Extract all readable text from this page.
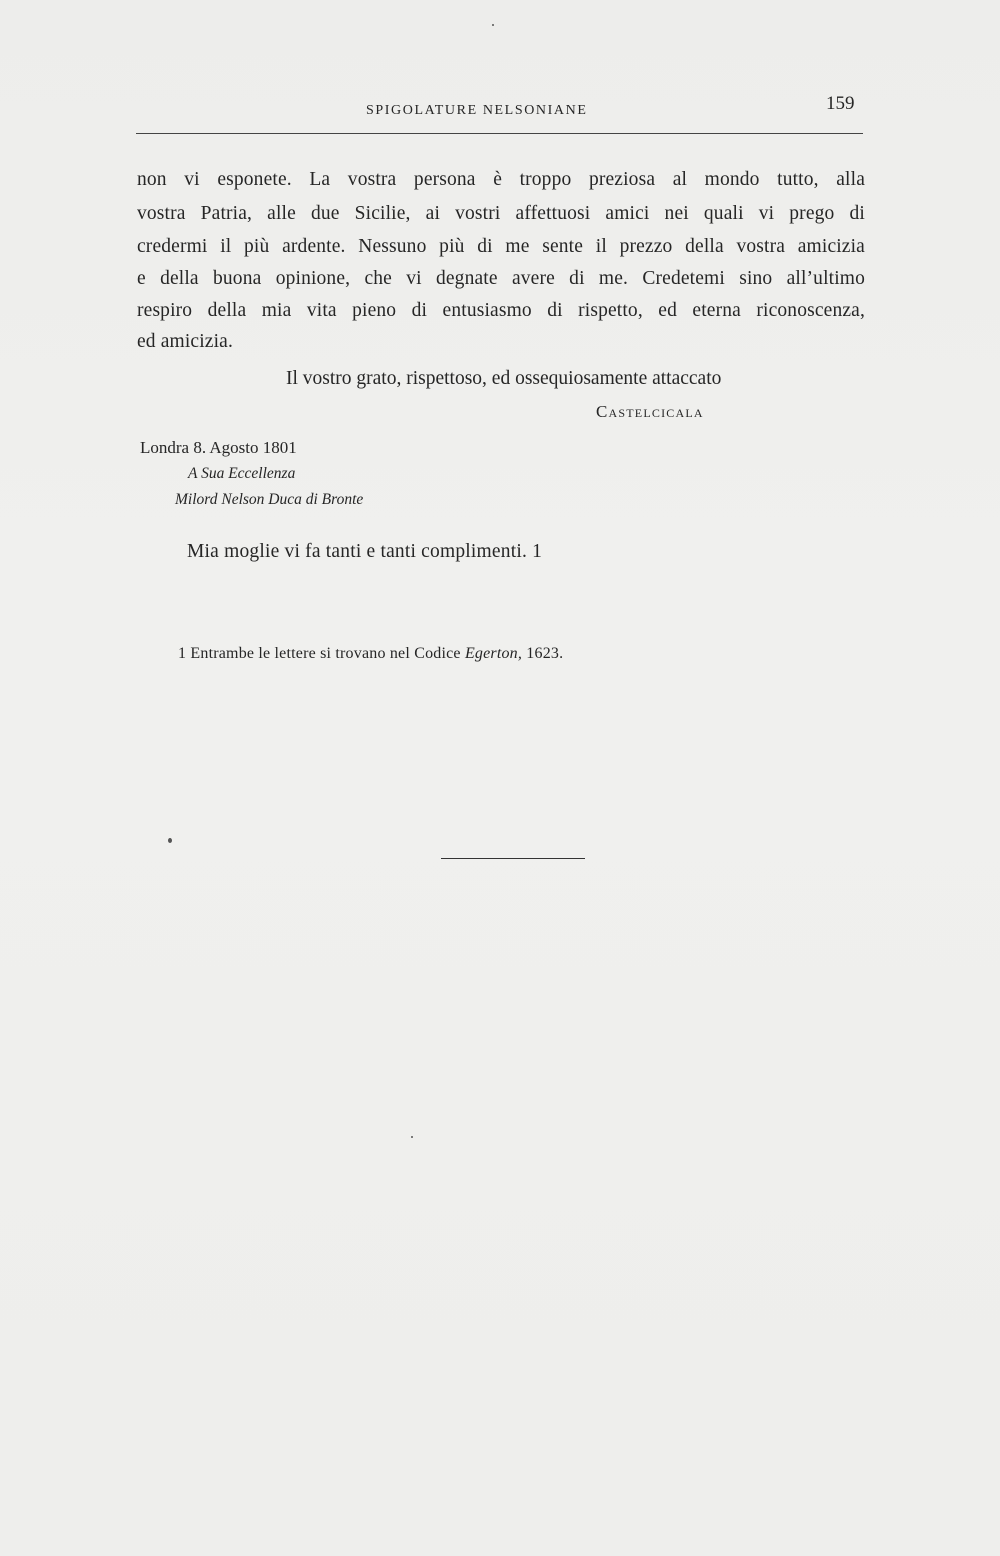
SPIGOLATURE NELSONIANE	159
non vi esponete. La vostra persona è troppo preziosa al mondo tutto, alla
vostra Patria, alle due Sicilie, ai vostri affettuosi amici nei quali vi prego di
credermi il più ardente. Nessuno più di me sente il prezzo della vostra amicizia
e della buona opinione, che vi degnate avere di me. Credetemi sino all’ultimo
respiro della mia vita pieno di entusiasmo di rispetto, ed eterna riconoscenza,
ed amicizia.
Il vostro grato, rispettoso, ed ossequiosamente attaccato
Castelcicala
Londra 8. Agosto 1801
A Sua Eccellenza
Milord Nelson Duca di Bronte
Mia moglie vi fa tanti e tanti complimenti. 1
1 Entrambe le lettere si trovano nel Codice Egerton, 1623.
